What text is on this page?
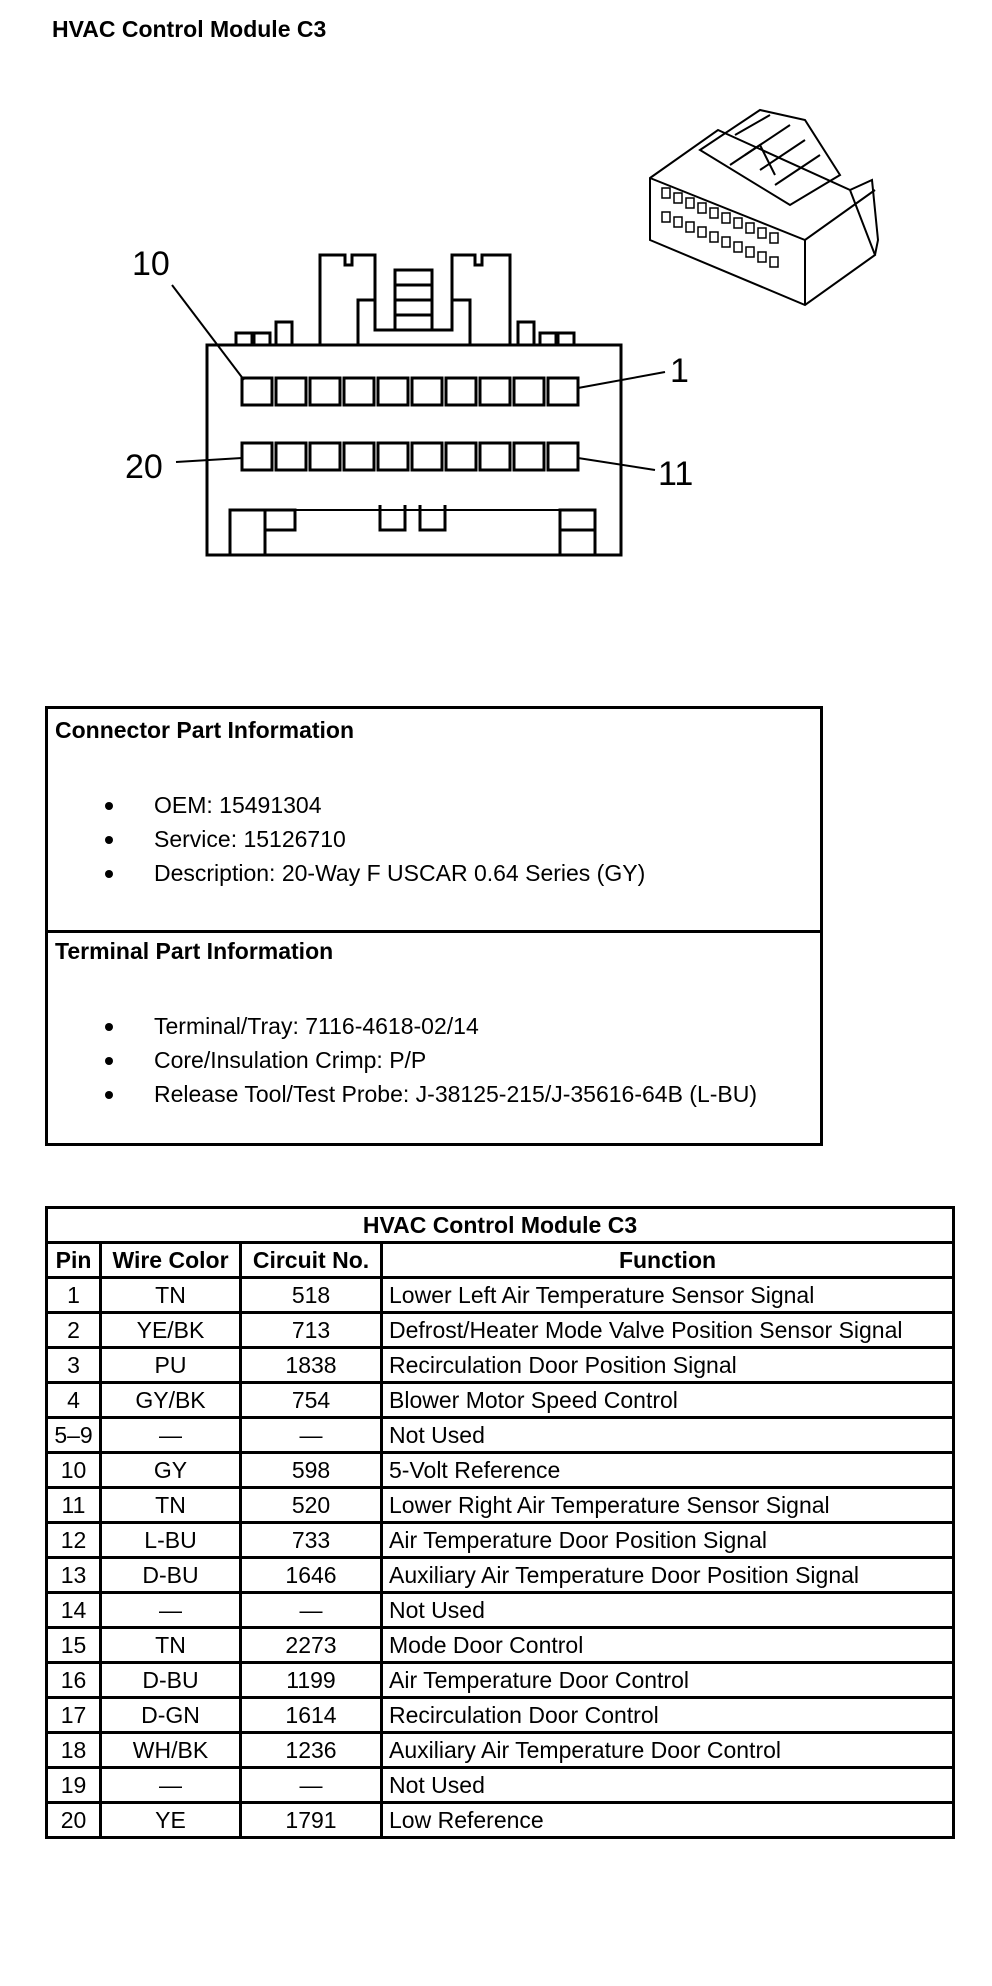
HVAC Control Module C3
10
1
20	11
Connector Part Information
OEM: 15491304
Service: 15126710
Description: 20-Way F USCAR 0.64 Series (GY)
Terminal Part Information
Terminal/Tray: 7116-4618-02/14
Core/Insulation Crimp: P/P
Release Tool/Test Probe: J-38125-215/J-35616-64B (L-BU)
HVAC Control Module C3			
Pin	Wire Color	Circuit No.	Function
1	TN	518	Lower Left Air Temperature Sensor Signal
2	YE/BK	713	Defrost/Heater Mode Valve Position Sensor Signal
3	PU	1838	Recirculation Door Position Signal
4	GY/BK	754	Blower Motor Speed Control
5–9	—	—	Not Used
10	GY	598	5-Volt Reference
11	TN	520	Lower Right Air Temperature Sensor Signal
12	L-BU	733	Air Temperature Door Position Signal
13	D-BU	1646	Auxiliary Air Temperature Door Position Signal
14	—	—	Not Used
15	TN	2273	Mode Door Control
16	D-BU	1199	Air Temperature Door Control
17	D-GN	1614	Recirculation Door Control
18	WH/BK	1236	Auxiliary Air Temperature Door Control
19	—	—	Not Used
20	YE	1791	Low Reference
